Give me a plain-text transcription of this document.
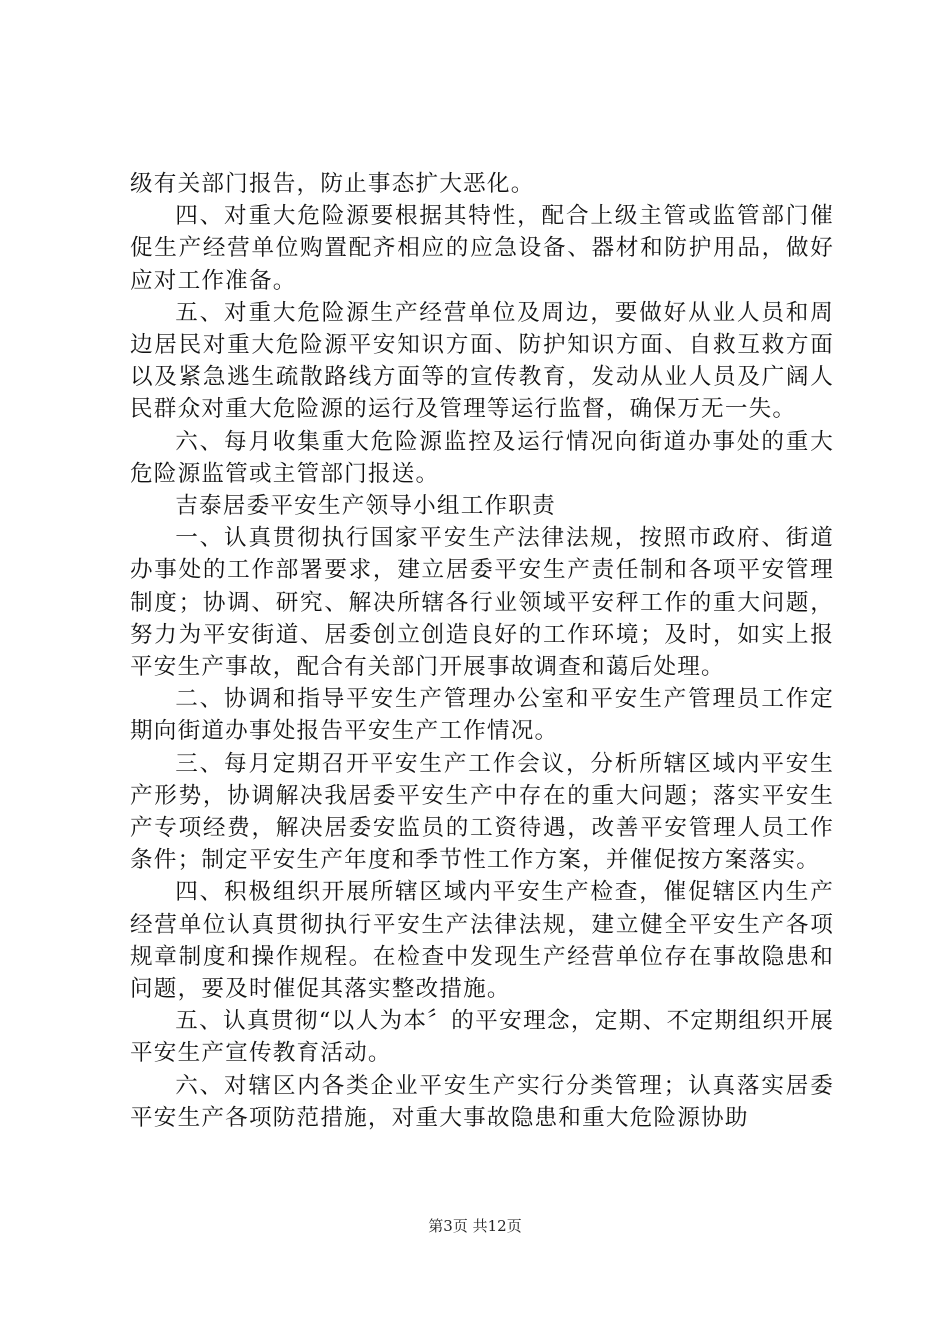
级有关部门报告，防止事态扩大恶化。

四、对重大危险源要根据其特性，配合上级主管或监管部门催促生产经营单位购置配齐相应的应急设备、器材和防护用品，做好应对工作准备。

五、对重大危险源生产经营单位及周边，要做好从业人员和周边居民对重大危险源平安知识方面、防护知识方面、自救互救方面以及紧急逃生疏散路线方面等的宣传教育，发动从业人员及广阔人民群众对重大危险源的运行及管理等运行监督，确保万无一失。

六、每月收集重大危险源监控及运行情况向街道办事处的重大危险源监管或主管部门报送。

吉泰居委平安生产领导小组工作职责

一、认真贯彻执行国家平安生产法律法规，按照市政府、街道办事处的工作部署要求，建立居委平安生产责任制和各项平安管理制度；协调、研究、解决所辖各行业领域平安秤工作的重大问题，努力为平安街道、居委创立创造良好的工作环境；及时，如实上报平安生产事故，配合有关部门开展事故调查和蔼后处理。

二、协调和指导平安生产管理办公室和平安生产管理员工作定期向街道办事处报告平安生产工作情况。

三、每月定期召开平安生产工作会议，分析所辖区域内平安生产形势，协调解决我居委平安生产中存在的重大问题；落实平安生产专项经费，解决居委安监员的工资待遇，改善平安管理人员工作条件；制定平安生产年度和季节性工作方案，并催促按方案落实。

四、积极组织开展所辖区域内平安生产检查，催促辖区内生产经营单位认真贯彻执行平安生产法律法规，建立健全平安生产各项规章制度和操作规程。在检查中发现生产经营单位存在事故隐患和问题，要及时催促其落实整改措施。

五、认真贯彻“以人为本〞的平安理念，定期、不定期组织开展平安生产宣传教育活动。

六、对辖区内各类企业平安生产实行分类管理；认真落实居委平安生产各项防范措施，对重大事故隐患和重大危险源协助

第3页 共12页
